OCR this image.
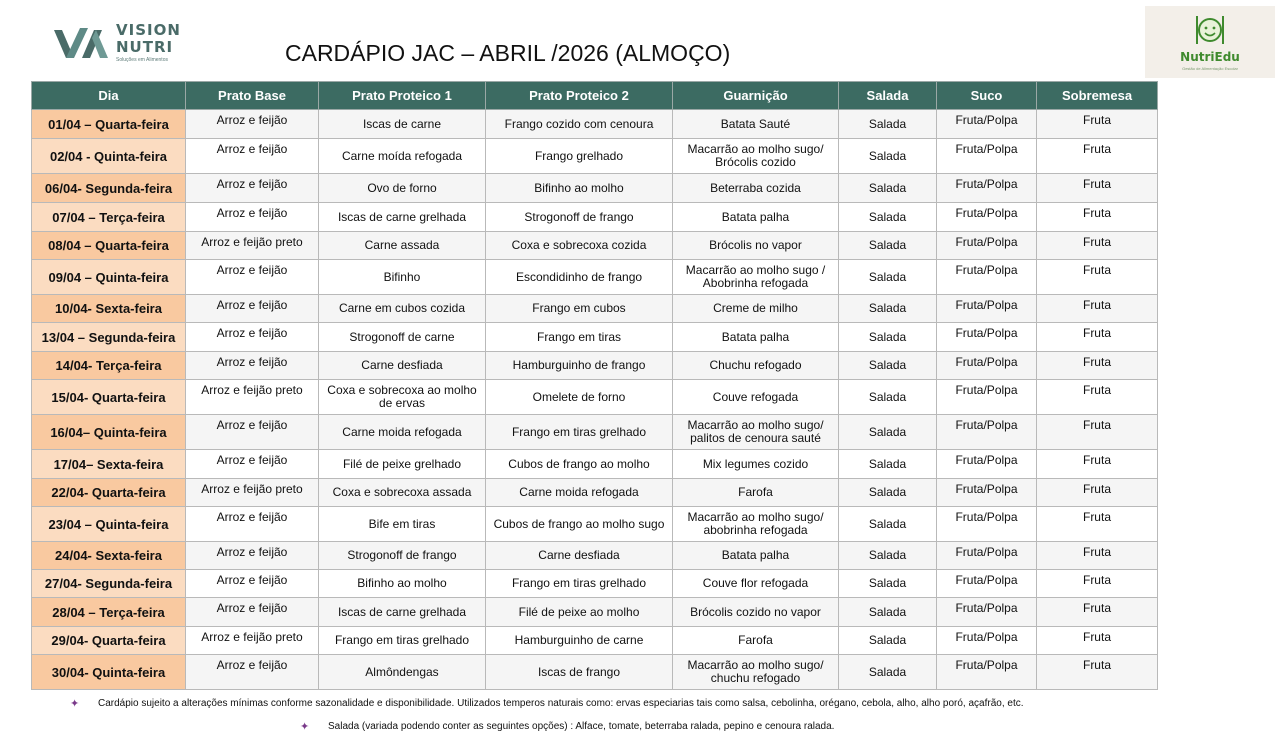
VISION
NUTRI
Soluções em Alimentos	CARDÁPIO JAC – ABRIL /2026 (ALMOÇO)	NutriEdu
Gestão de Alimentação Escolar
Dia	Prato Base	Prato Proteico 1	Prato Proteico 2	Guarnição	Salada	Suco	Sobremesa
01/04 – Quarta-feira	Arroz e feijão	Iscas de carne	Frango cozido com cenoura	Batata Sauté	Salada	Fruta/Polpa	Fruta
02/04 - Quinta-feira	Arroz e feijão	Carne moída refogada	Frango grelhado	Macarrão ao molho sugo/ Brócolis cozido	Salada	Fruta/Polpa	Fruta
06/04- Segunda-feira	Arroz e feijão	Ovo de forno	Bifinho ao molho	Beterraba cozida	Salada	Fruta/Polpa	Fruta
07/04 – Terça-feira	Arroz e feijão	Iscas de carne grelhada	Strogonoff de frango	Batata palha	Salada	Fruta/Polpa	Fruta
08/04 – Quarta-feira	Arroz e feijão preto	Carne assada	Coxa e sobrecoxa cozida	Brócolis no vapor	Salada	Fruta/Polpa	Fruta
09/04 – Quinta-feira	Arroz e feijão	Bifinho	Escondidinho de frango	Macarrão ao molho sugo / Abobrinha refogada	Salada	Fruta/Polpa	Fruta
10/04- Sexta-feira	Arroz e feijão	Carne em cubos cozida	Frango em cubos	Creme de milho	Salada	Fruta/Polpa	Fruta
13/04 – Segunda-feira	Arroz e feijão	Strogonoff de carne	Frango em tiras	Batata palha	Salada	Fruta/Polpa	Fruta
14/04- Terça-feira	Arroz e feijão	Carne desfiada	Hamburguinho de frango	Chuchu refogado	Salada	Fruta/Polpa	Fruta
15/04- Quarta-feira	Arroz e feijão preto	Coxa e sobrecoxa ao molho de ervas	Omelete de forno	Couve refogada	Salada	Fruta/Polpa	Fruta
16/04– Quinta-feira	Arroz e feijão	Carne moida refogada	Frango em tiras grelhado	Macarrão ao molho sugo/ palitos de cenoura sauté	Salada	Fruta/Polpa	Fruta
17/04– Sexta-feira	Arroz e feijão	Filé de peixe grelhado	Cubos de frango ao molho	Mix legumes cozido	Salada	Fruta/Polpa	Fruta
22/04- Quarta-feira	Arroz e feijão preto	Coxa e sobrecoxa assada	Carne moida refogada	Farofa	Salada	Fruta/Polpa	Fruta
23/04 – Quinta-feira	Arroz e feijão	Bife em tiras	Cubos de frango ao molho sugo	Macarrão ao molho sugo/ abobrinha refogada	Salada	Fruta/Polpa	Fruta
24/04- Sexta-feira	Arroz e feijão	Strogonoff de frango	Carne desfiada	Batata palha	Salada	Fruta/Polpa	Fruta
27/04- Segunda-feira	Arroz e feijão	Bifinho ao molho	Frango em tiras grelhado	Couve flor refogada	Salada	Fruta/Polpa	Fruta
28/04 – Terça-feira	Arroz e feijão	Iscas de carne grelhada	Filé de peixe ao molho	Brócolis cozido no vapor	Salada	Fruta/Polpa	Fruta
29/04- Quarta-feira	Arroz e feijão preto	Frango em tiras grelhado	Hamburguinho de carne	Farofa	Salada	Fruta/Polpa	Fruta
30/04- Quinta-feira	Arroz e feijão	Almôndengas	Iscas de frango	Macarrão ao molho sugo/ chuchu refogado	Salada	Fruta/Polpa	Fruta
✦ Cardápio sujeito a alterações mínimas conforme sazonalidade e disponibilidade. Utilizados temperos naturais como: ervas especiarias tais como salsa, cebolinha, orégano, cebola, alho, alho poró, açafrão, etc.
✦ Salada (variada podendo conter as seguintes opções) : Alface, tomate, beterraba ralada, pepino e cenoura ralada.
